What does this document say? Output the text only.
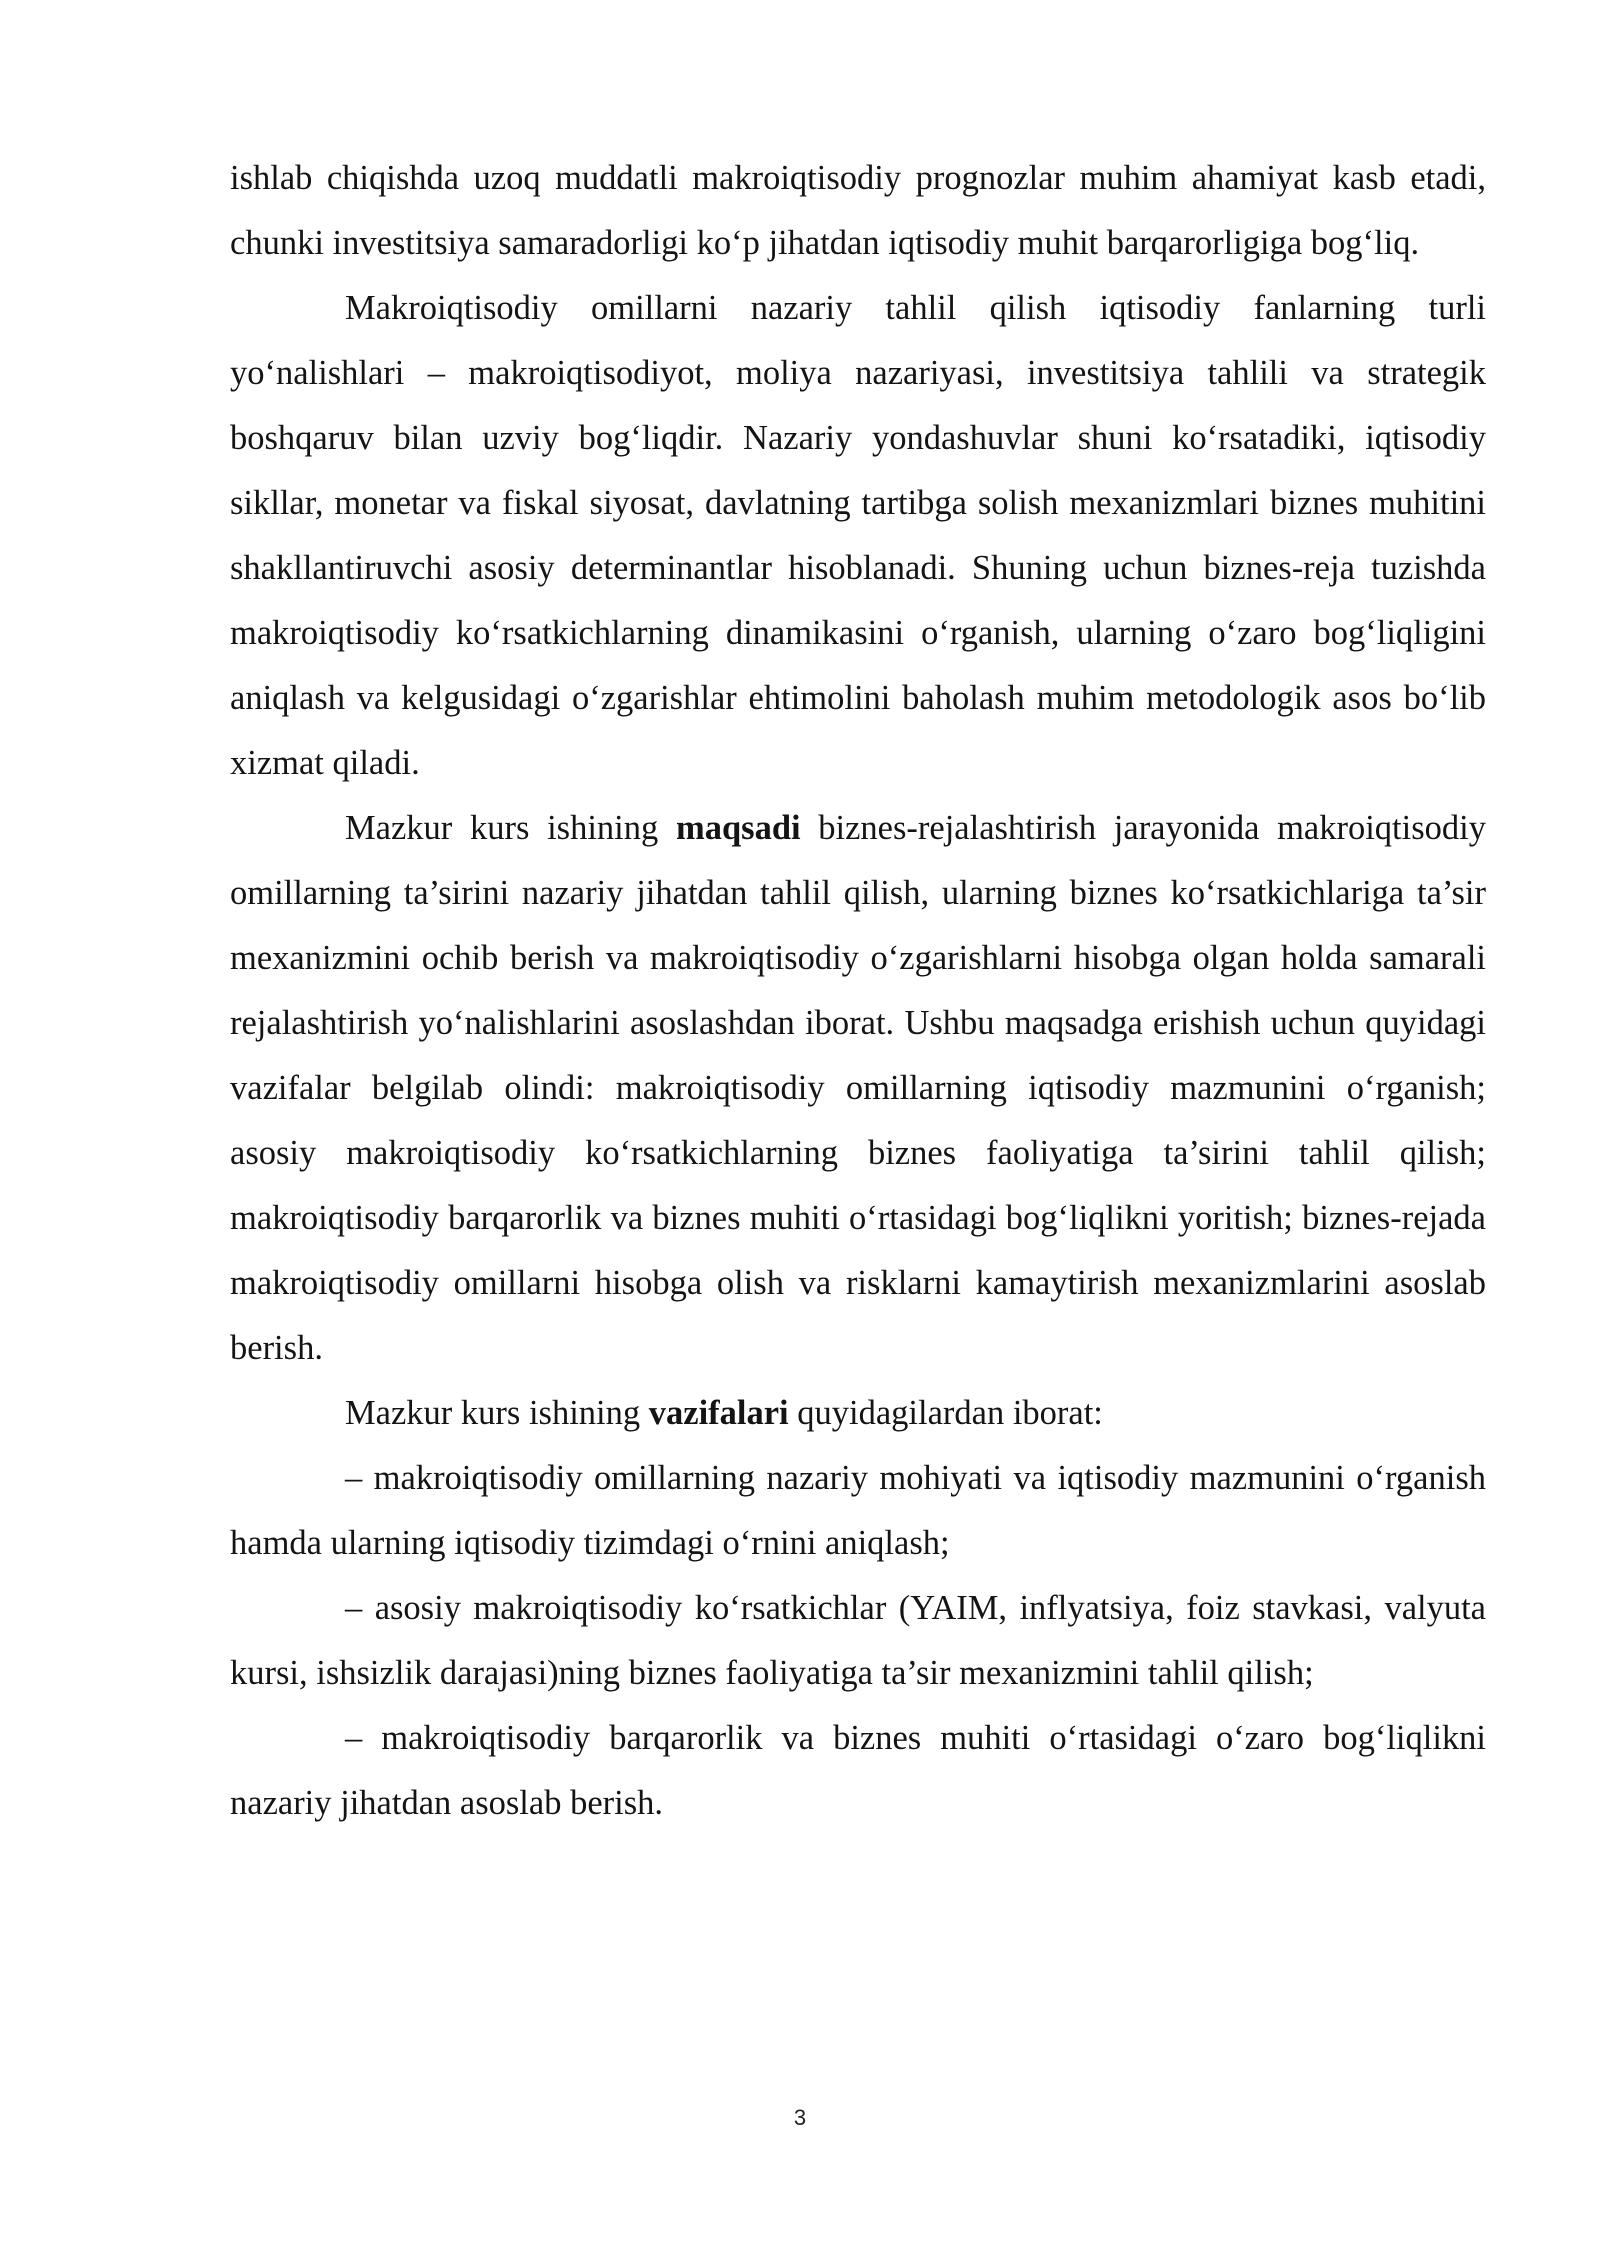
ishlab chiqishda uzoq muddatli makroiqtisodiy prognozlar muhim ahamiyat kasb etadi, chunki investitsiya samaradorligi ko‘p jihatdan iqtisodiy muhit barqarorligiga bog‘liq.

Makroiqtisodiy omillarni nazariy tahlil qilish iqtisodiy fanlarning turli yo‘nalishlari – makroiqtisodiyot, moliya nazariyasi, investitsiya tahlili va strategik boshqaruv bilan uzviy bog‘liqdir. Nazariy yondashuvlar shuni ko‘rsatadiki, iqtisodiy sikllar, monetar va fiskal siyosat, davlatning tartibga solish mexanizmlari biznes muhitini shakllantiruvchi asosiy determinantlar hisoblanadi. Shuning uchun biznes-reja tuzishda makroiqtisodiy ko‘rsatkichlarning dinamikasini o‘rganish, ularning o‘zaro bog‘liqligini aniqlash va kelgusidagi o‘zgarishlar ehtimolini baholash muhim metodologik asos bo‘lib xizmat qiladi.

Mazkur kurs ishining maqsadi biznes-rejalashtirish jarayonida makroiqtisodiy omillarning ta’sirini nazariy jihatdan tahlil qilish, ularning biznes ko‘rsatkichlariga ta’sir mexanizmini ochib berish va makroiqtisodiy o‘zgarishlarni hisobga olgan holda samarali rejalashtirish yo‘nalishlarini asoslashdan iborat. Ushbu maqsadga erishish uchun quyidagi vazifalar belgilab olindi: makroiqtisodiy omillarning iqtisodiy mazmunini o‘rganish; asosiy makroiqtisodiy ko‘rsatkichlarning biznes faoliyatiga ta’sirini tahlil qilish; makroiqtisodiy barqarorlik va biznes muhiti o‘rtasidagi bog‘liqlikni yoritish; biznes-rejada makroiqtisodiy omillarni hisobga olish va risklarni kamaytirish mexanizmlarini asoslab berish.

Mazkur kurs ishining vazifalari quyidagilardan iborat:

– makroiqtisodiy omillarning nazariy mohiyati va iqtisodiy mazmunini o‘rganish hamda ularning iqtisodiy tizimdagi o‘rnini aniqlash;

– asosiy makroiqtisodiy ko‘rsatkichlar (YAIM, inflyatsiya, foiz stavkasi, valyuta kursi, ishsizlik darajasi)ning biznes faoliyatiga ta’sir mexanizmini tahlil qilish;

– makroiqtisodiy barqarorlik va biznes muhiti o‘rtasidagi o‘zaro bog‘liqlikni nazariy jihatdan asoslab berish.

3
